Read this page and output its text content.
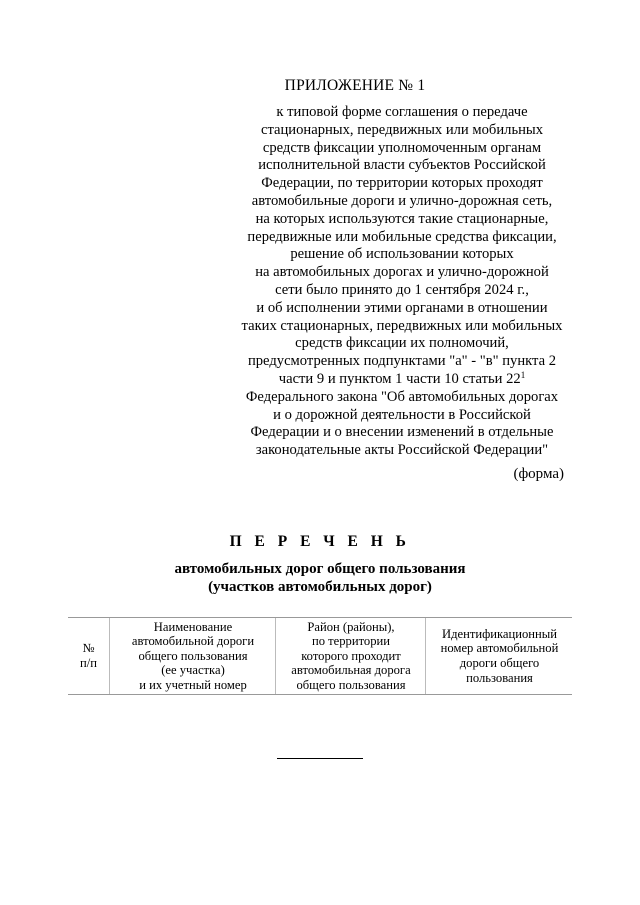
ПРИЛОЖЕНИЕ № 1
к типовой форме соглашения о передаче
стационарных, передвижных или мобильных
средств фиксации уполномоченным органам
исполнительной власти субъектов Российской
Федерации, по территории которых проходят
автомобильные дороги и улично-дорожная сеть,
на которых используются такие стационарные,
передвижные или мобильные средства фиксации,
решение об использовании которых
на автомобильных дорогах и улично-дорожной
сети было принято до 1 сентября 2024 г.,
и об исполнении этими органами в отношении
таких стационарных, передвижных или мобильных
средств фиксации их полномочий,
предусмотренных подпунктами "а" - "в" пункта 2
части 9 и пунктом 1 части 10 статьи $22^1$
Федерального закона "Об автомобильных дорогах
и о дорожной деятельности в Российской
Федерации и о внесении изменений в отдельные
законодательные акты Российской Федерации"
(форма)
П Е Р Е Ч Е Н Ь
автомобильных дорог общего пользования
(участков автомобильных дорог)
№
п/п
Наименование
автомобильной дороги
общего пользования
(ее участка)
и их учетный номер
Район (районы),
по территории
которого проходит
автомобильная дорога
общего пользования
Идентификационный
номер автомобильной
дороги общего
пользования
